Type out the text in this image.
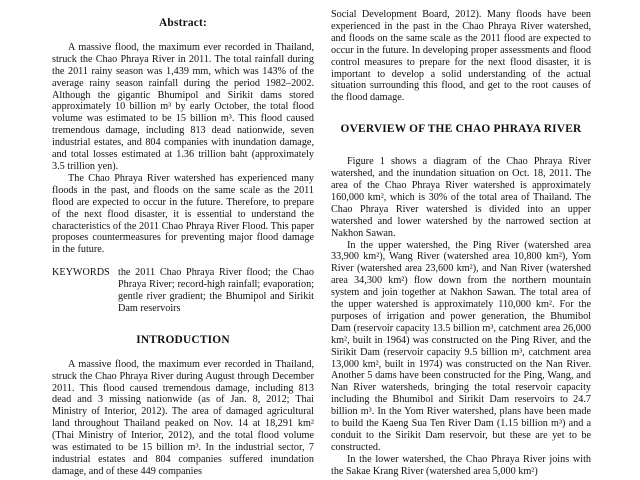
Abstract:

A massive flood, the maximum ever recorded in Thailand, struck the Chao Phraya River in 2011. The total rainfall during the 2011 rainy season was 1,439 mm, which was 143% of the average rainy season rainfall during the period 1982–2002. Although the gigantic Bhumipol and Sirikit dams stored approximately 10 billion m³ by early October, the total flood volume was estimated to be 15 billion m³. This flood caused tremendous damage, including 813 dead nationwide, seven industrial estates, and 804 companies with inundation damage, and total losses estimated at 1.36 trillion baht (approximately 3.5 trillion yen).

The Chao Phraya River watershed has experienced many floods in the past, and floods on the same scale as the 2011 flood are expected to occur in the future. Therefore, to prepare of the next flood disaster, it is essential to understand the characteristics of the 2011 Chao Phraya River Flood. This paper proposes countermeasures for preventing major flood damage in the future.

KEYWORDS the 2011 Chao Phraya River flood; the Chao Phraya River; record-high rainfall; evaporation; gentle river gradient; the Bhumipol and Sirikit Dam reservoirs
INTRODUCTION

A massive flood, the maximum ever recorded in Thailand, struck the Chao Phraya River during August through December 2011. This flood caused tremendous damage, including 813 dead and 3 missing nationwide (as of Jan. 8, 2012; Thai Ministry of Interior, 2012). The area of damaged agricultural land throughout Thailand peaked on Nov. 14 at 18,291 km² (Thai Ministry of Interior, 2012), and the total flood volume was estimated to be 15 billion m³. In the industrial sector, 7 industrial estates and 804 companies suffered inundation damage, and of these 449 companies

Social Development Board, 2012). Many floods have been experienced in the past in the Chao Phraya River watershed, and floods on the same scale as the 2011 flood are expected to occur in the future. In developing proper assessments and flood control measures to prepare for the next flood disaster, it is important to develop a solid understanding of the actual situation surrounding this flood, and get to the root causes of the flood damage.

OVERVIEW OF THE CHAO PHRAYA RIVER

Figure 1 shows a diagram of the Chao Phraya River watershed, and the inundation situation on Oct. 18, 2011. The area of the Chao Phraya River watershed is approximately 160,000 km², which is 30% of the total area of Thailand. The Chao Phraya River watershed is divided into an upper watershed and lower watershed by the narrowed section at Nakhon Sawan.

In the upper watershed, the Ping River (watershed area 33,900 km²), Wang River (watershed area 10,800 km²), Yom River (watershed area 23,600 km²), and Nan River (watershed area 34,300 km²) flow down from the northern mountain system and join together at Nakhon Sawan. The total area of the upper watershed is approximately 110,000 km². For the purposes of irrigation and power generation, the Bhumibol Dam (reservoir capacity 13.5 billion m³, catchment area 26,000 km², built in 1964) was constructed on the Ping River, and the Sirikit Dam (reservoir capacity 9.5 billion m³, catchment area 13,000 km², built in 1974) was constructed on the Nan River. Another 5 dams have been constructed for the Ping, Wang, and Nan River watersheds, bringing the total reservoir capacity including the Bhumibol and Sirikit Dam reservoirs to 24.7 billion m³. In the Yom River watershed, plans have been made to build the Kaeng Sua Ten River Dam (1.15 billion m³) and a conduit to the Sirikit Dam reservoir, but these are yet to be constructed.

In the lower watershed, the Chao Phraya River joins with the Sakae Krang River (watershed area 5,000 km²)
